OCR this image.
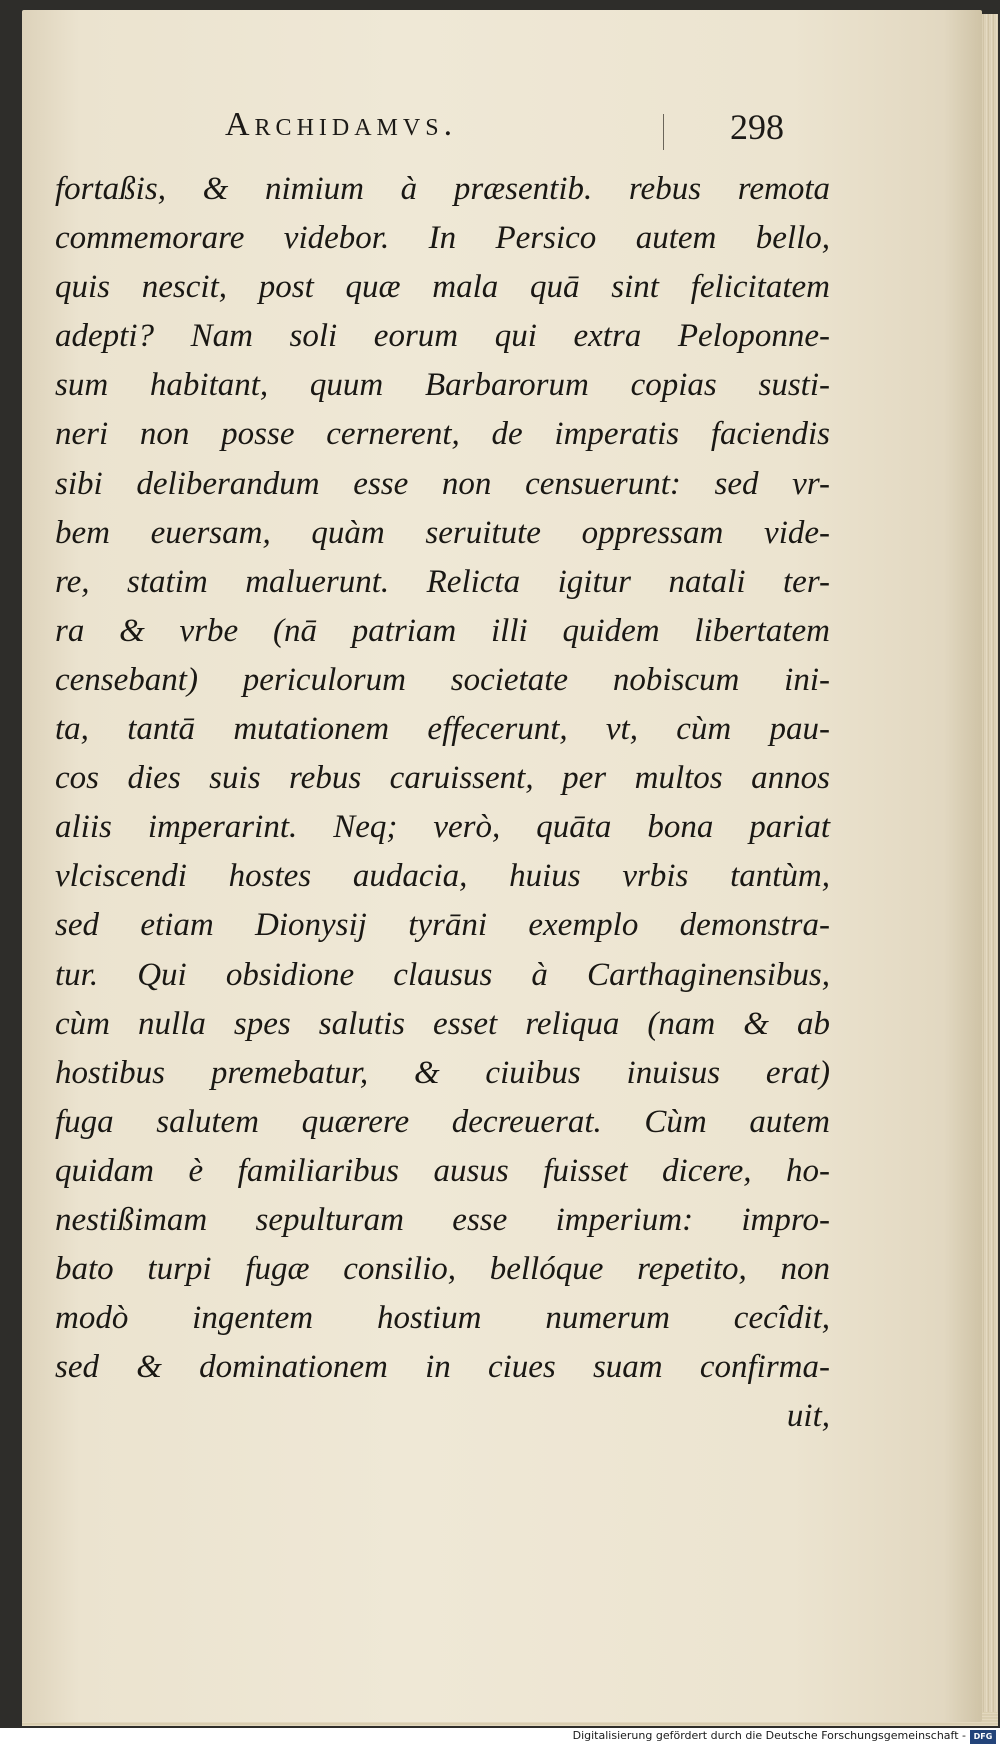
Archidamvs.	298
fortaßis, & nimium à præsentib. rebus remota
commemorare videbor. In Persico autem bello,
quis nescit, post quæ mala quā sint felicitatem
adepti? Nam soli eorum qui extra Peloponne-
sum habitant, quum Barbarorum copias susti-
neri non posse cernerent, de imperatis faciendis
sibi deliberandum esse non censuerunt: sed vr-
bem euersam, quàm seruitute oppressam vide-
re, statim maluerunt. Relicta igitur natali ter-
ra & vrbe (nā patriam illi quidem libertatem
censebant) periculorum societate nobiscum ini-
ta, tantā mutationem effecerunt, vt, cùm pau-
cos dies suis rebus caruissent, per multos annos
aliis imperarint. Neq; verò, quāta bona pariat
vlciscendi hostes audacia, huius vrbis tantùm,
sed etiam Dionysij tyrāni exemplo demonstra-
tur. Qui obsidione clausus à Carthaginensibus,
cùm nulla spes salutis esset reliqua (nam & ab
hostibus premebatur, & ciuibus inuisus erat)
fuga salutem quærere decreuerat. Cùm autem
quidam è familiaribus ausus fuisset dicere, ho-
nestißimam sepulturam esse imperium: impro-
bato turpi fugæ consilio, bellóque repetito, non
modò ingentem hostium numerum cecîdit,
sed & dominationem in ciues suam confirma-
uit,
Digitalisierung gefördert durch die Deutsche Forschungsgemeinschaft - DFG
